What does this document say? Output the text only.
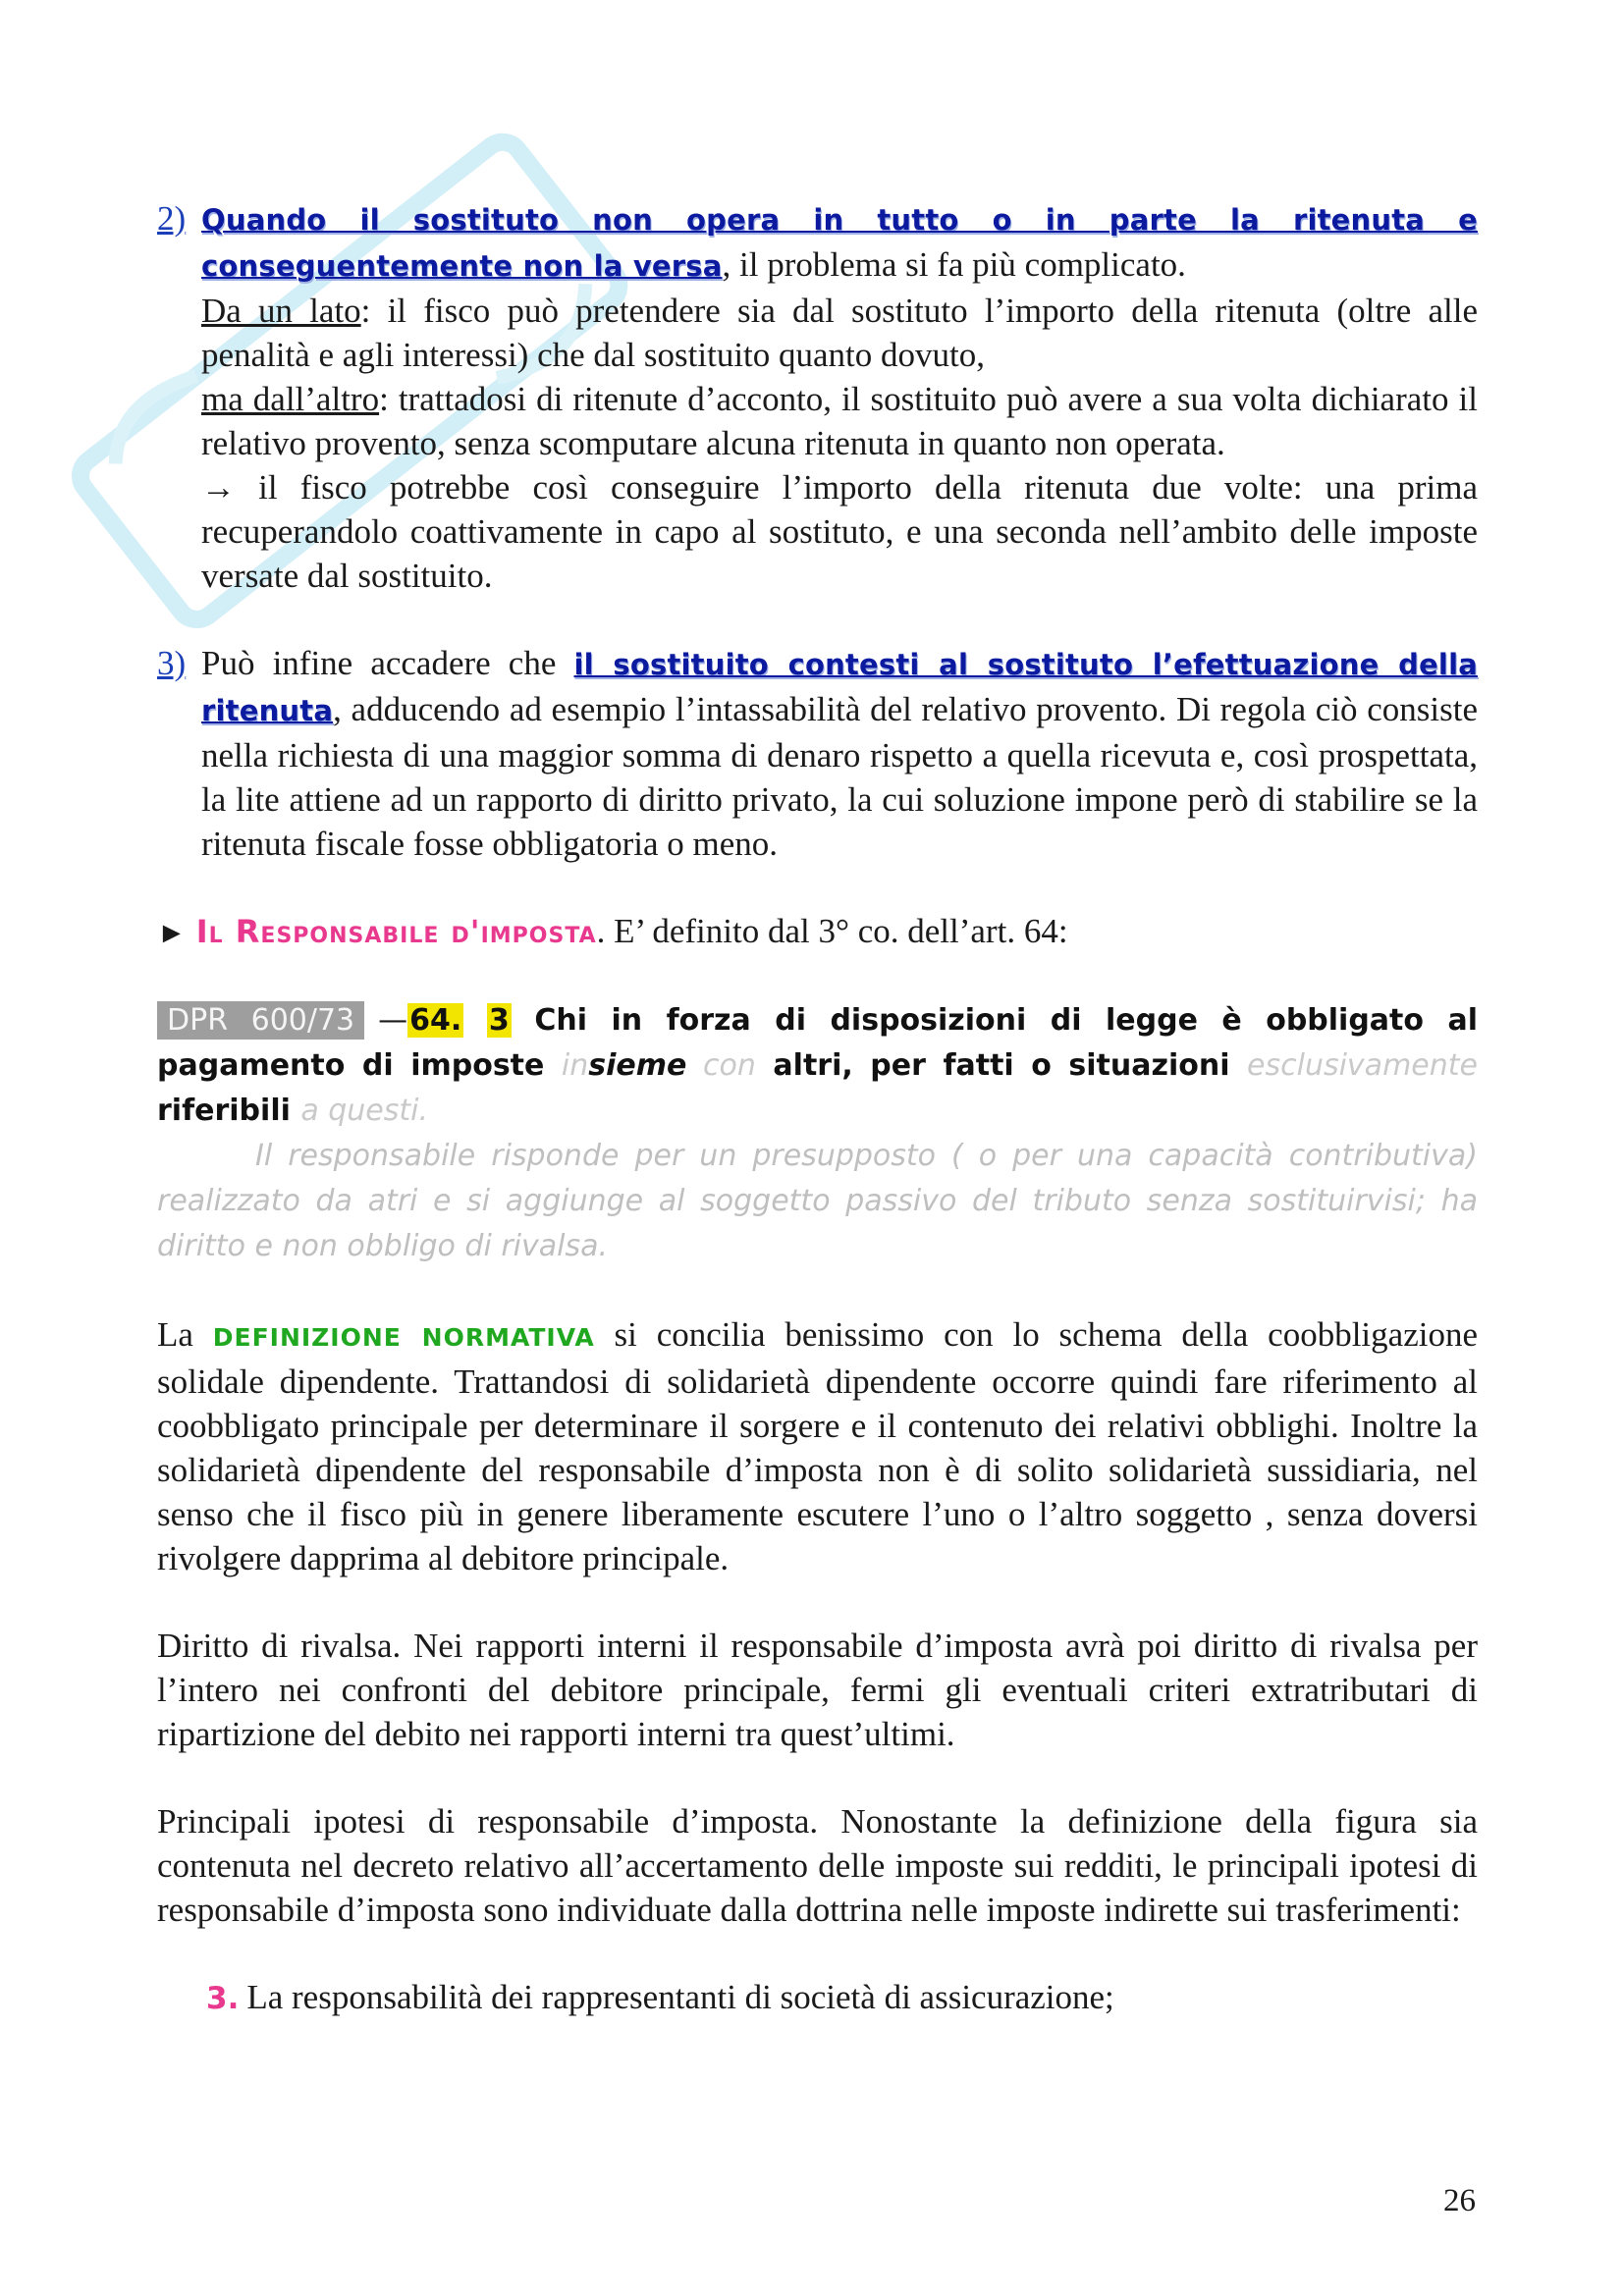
2) Quando il sostituto non opera in tutto o in parte la ritenuta e conseguentemente non la versa, il problema si fa più complicato.
Da un lato: il fisco può pretendere sia dal sostituto l’importo della ritenuta (oltre alle penalità e agli interessi) che dal sostituito quanto dovuto,
ma dall’altro: trattadosi di ritenute d’acconto, il sostituito può avere a sua volta dichiarato il relativo provento, senza scomputare alcuna ritenuta in quanto non operata.
→ il fisco potrebbe così conseguire l’importo della ritenuta due volte: una prima recuperandolo coattivamente in capo al sostituto, e una seconda nell’ambito delle imposte versate dal sostituito.
3) Può infine accadere che il sostituito contesti al sostituto l’efettuazione della ritenuta, adducendo ad esempio l’intassabilità del relativo provento. Di regola ciò consiste nella richiesta di una maggior somma di denaro rispetto a quella ricevuta e, così prospettata, la lite attiene ad un rapporto di diritto privato, la cui soluzione impone però di stabilire se la ritenuta fiscale fosse obbligatoria o meno.
► Il Responsabile d'imposta. E’ definito dal 3° co. dell’art. 64:
DPR 600/73 —64. 3 Chi in forza di disposizioni di legge è obbligato al pagamento di imposte insieme con altri, per fatti o situazioni esclusivamente riferibili a questi.
Il responsabile risponde per un presupposto ( o per una capacità contributiva) realizzato da atri e si aggiunge al soggetto passivo del tributo senza sostituirvisi; ha diritto e non obbligo di rivalsa.
La DEFINIZIONE NORMATIVA si concilia benissimo con lo schema della coobbligazione solidale dipendente. Trattandosi di solidarietà dipendente occorre quindi fare riferimento al coobbligato principale per determinare il sorgere e il contenuto dei relativi obblighi. Inoltre la solidarietà dipendente del responsabile d’imposta non è di solito solidarietà sussidiaria, nel senso che il fisco più in genere liberamente escutere l’uno o l’altro soggetto , senza doversi rivolgere dapprima al debitore principale.
Diritto di rivalsa. Nei rapporti interni il responsabile d’imposta avrà poi diritto di rivalsa per l’intero nei confronti del debitore principale, fermi gli eventuali criteri extratributari di ripartizione del debito nei rapporti interni tra quest’ultimi.
Principali ipotesi di responsabile d’imposta. Nonostante la definizione della figura sia contenuta nel decreto relativo all’accertamento delle imposte sui redditi, le principali ipotesi di responsabile d’imposta sono individuate dalla dottrina nelle imposte indirette sui trasferimenti:
3. La responsabilità dei rappresentanti di società di assicurazione;
26
